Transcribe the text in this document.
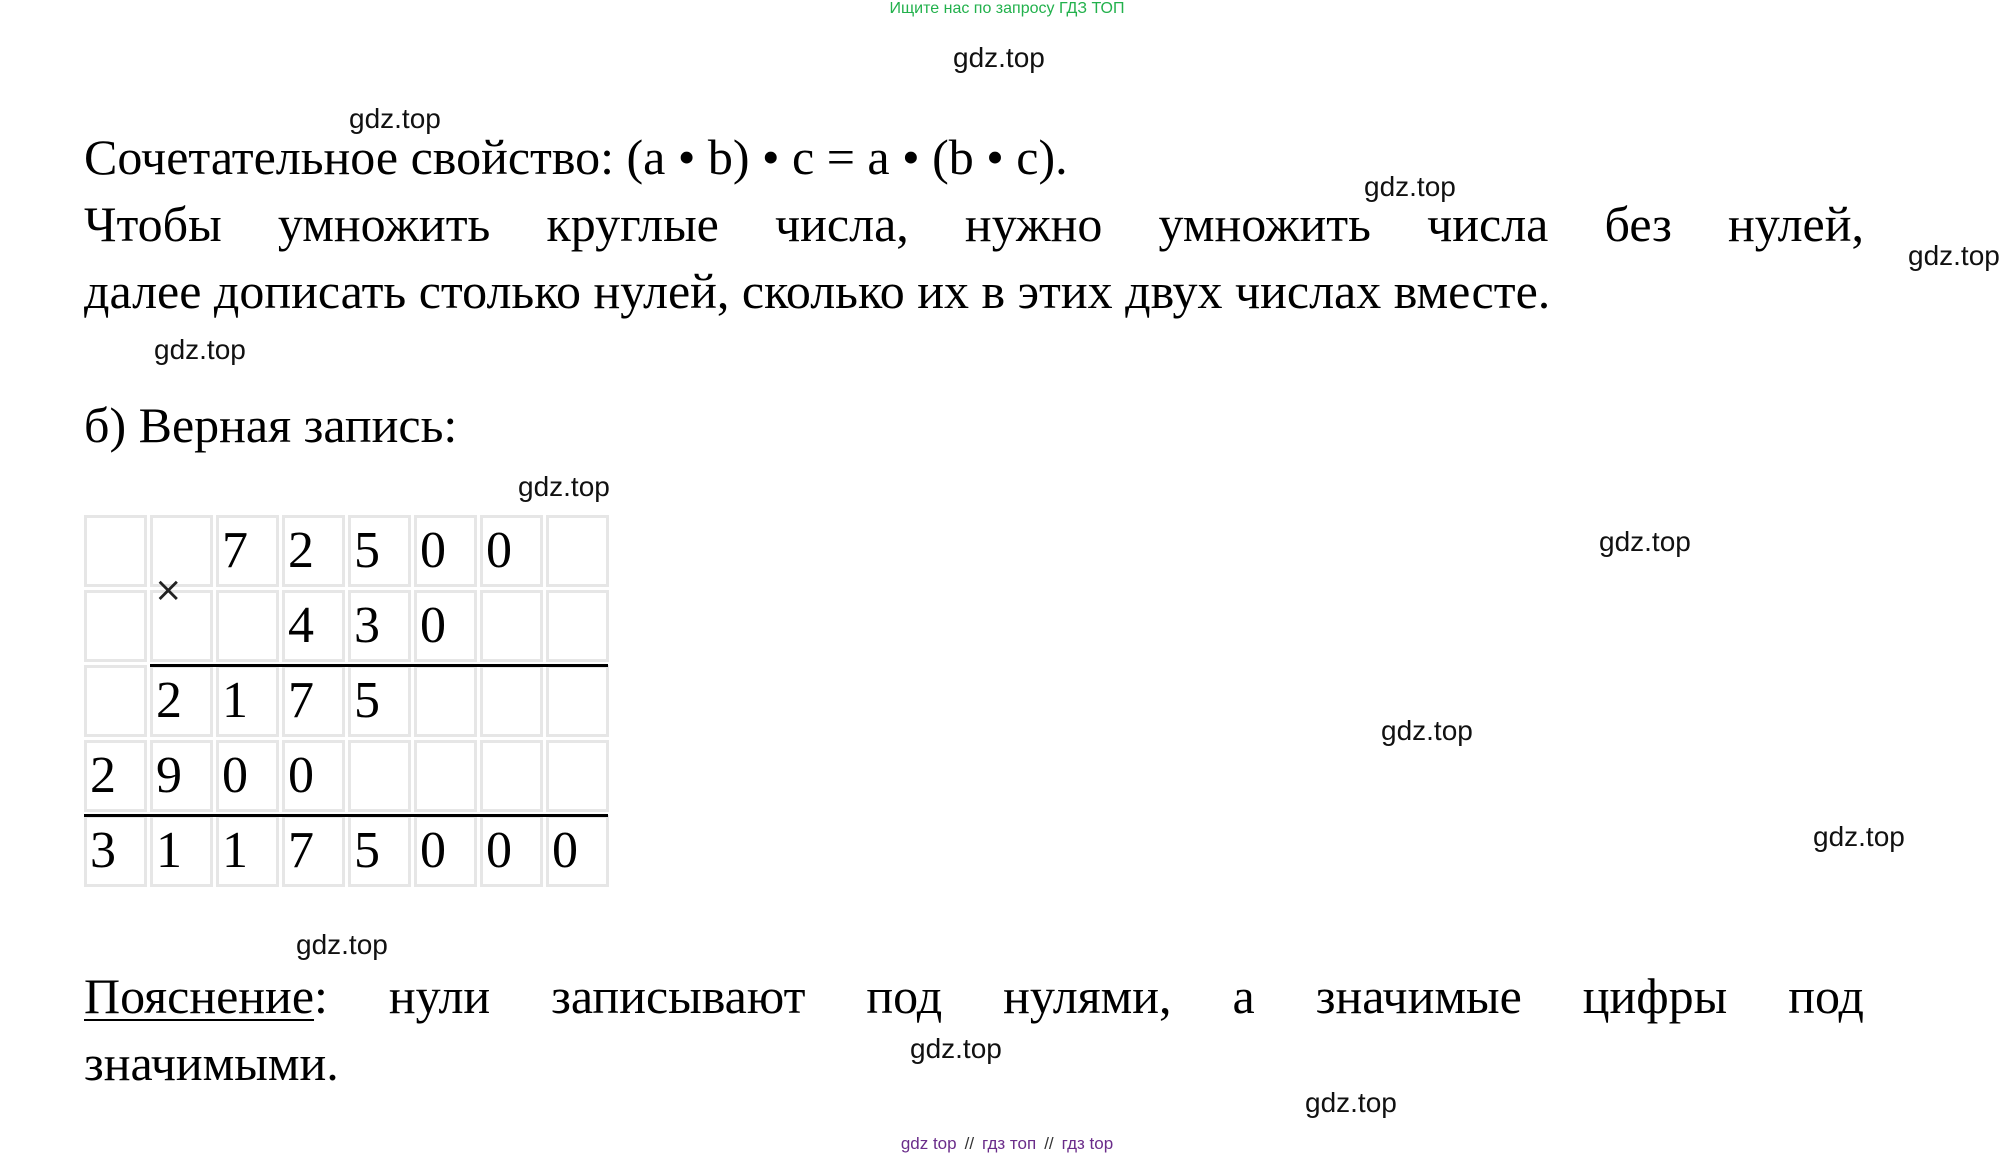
Ищите нас по запросу ГДЗ ТОП
gdz.top
gdz.top
gdz.top
gdz.top
gdz.top
gdz.top
gdz.top
gdz.top
gdz.top
gdz.top
gdz.top
gdz.top
Сочетательное свойство: (a • b) • c = a • (b • c).
Чтобы умножить круглые числа, нужно умножить числа без нулей,
далее дописать столько нулей, сколько их в этих двух числах вместе.
б) Верная запись:
7 2 5 0 0
4 3 0
2 1 7 5
2 9 0 0
3 1 1 7 5 0 0 0
×
Пояснение: нули записывают под нулями, а значимые цифры под
значимыми.
gdz top // гдз топ // гдз top
